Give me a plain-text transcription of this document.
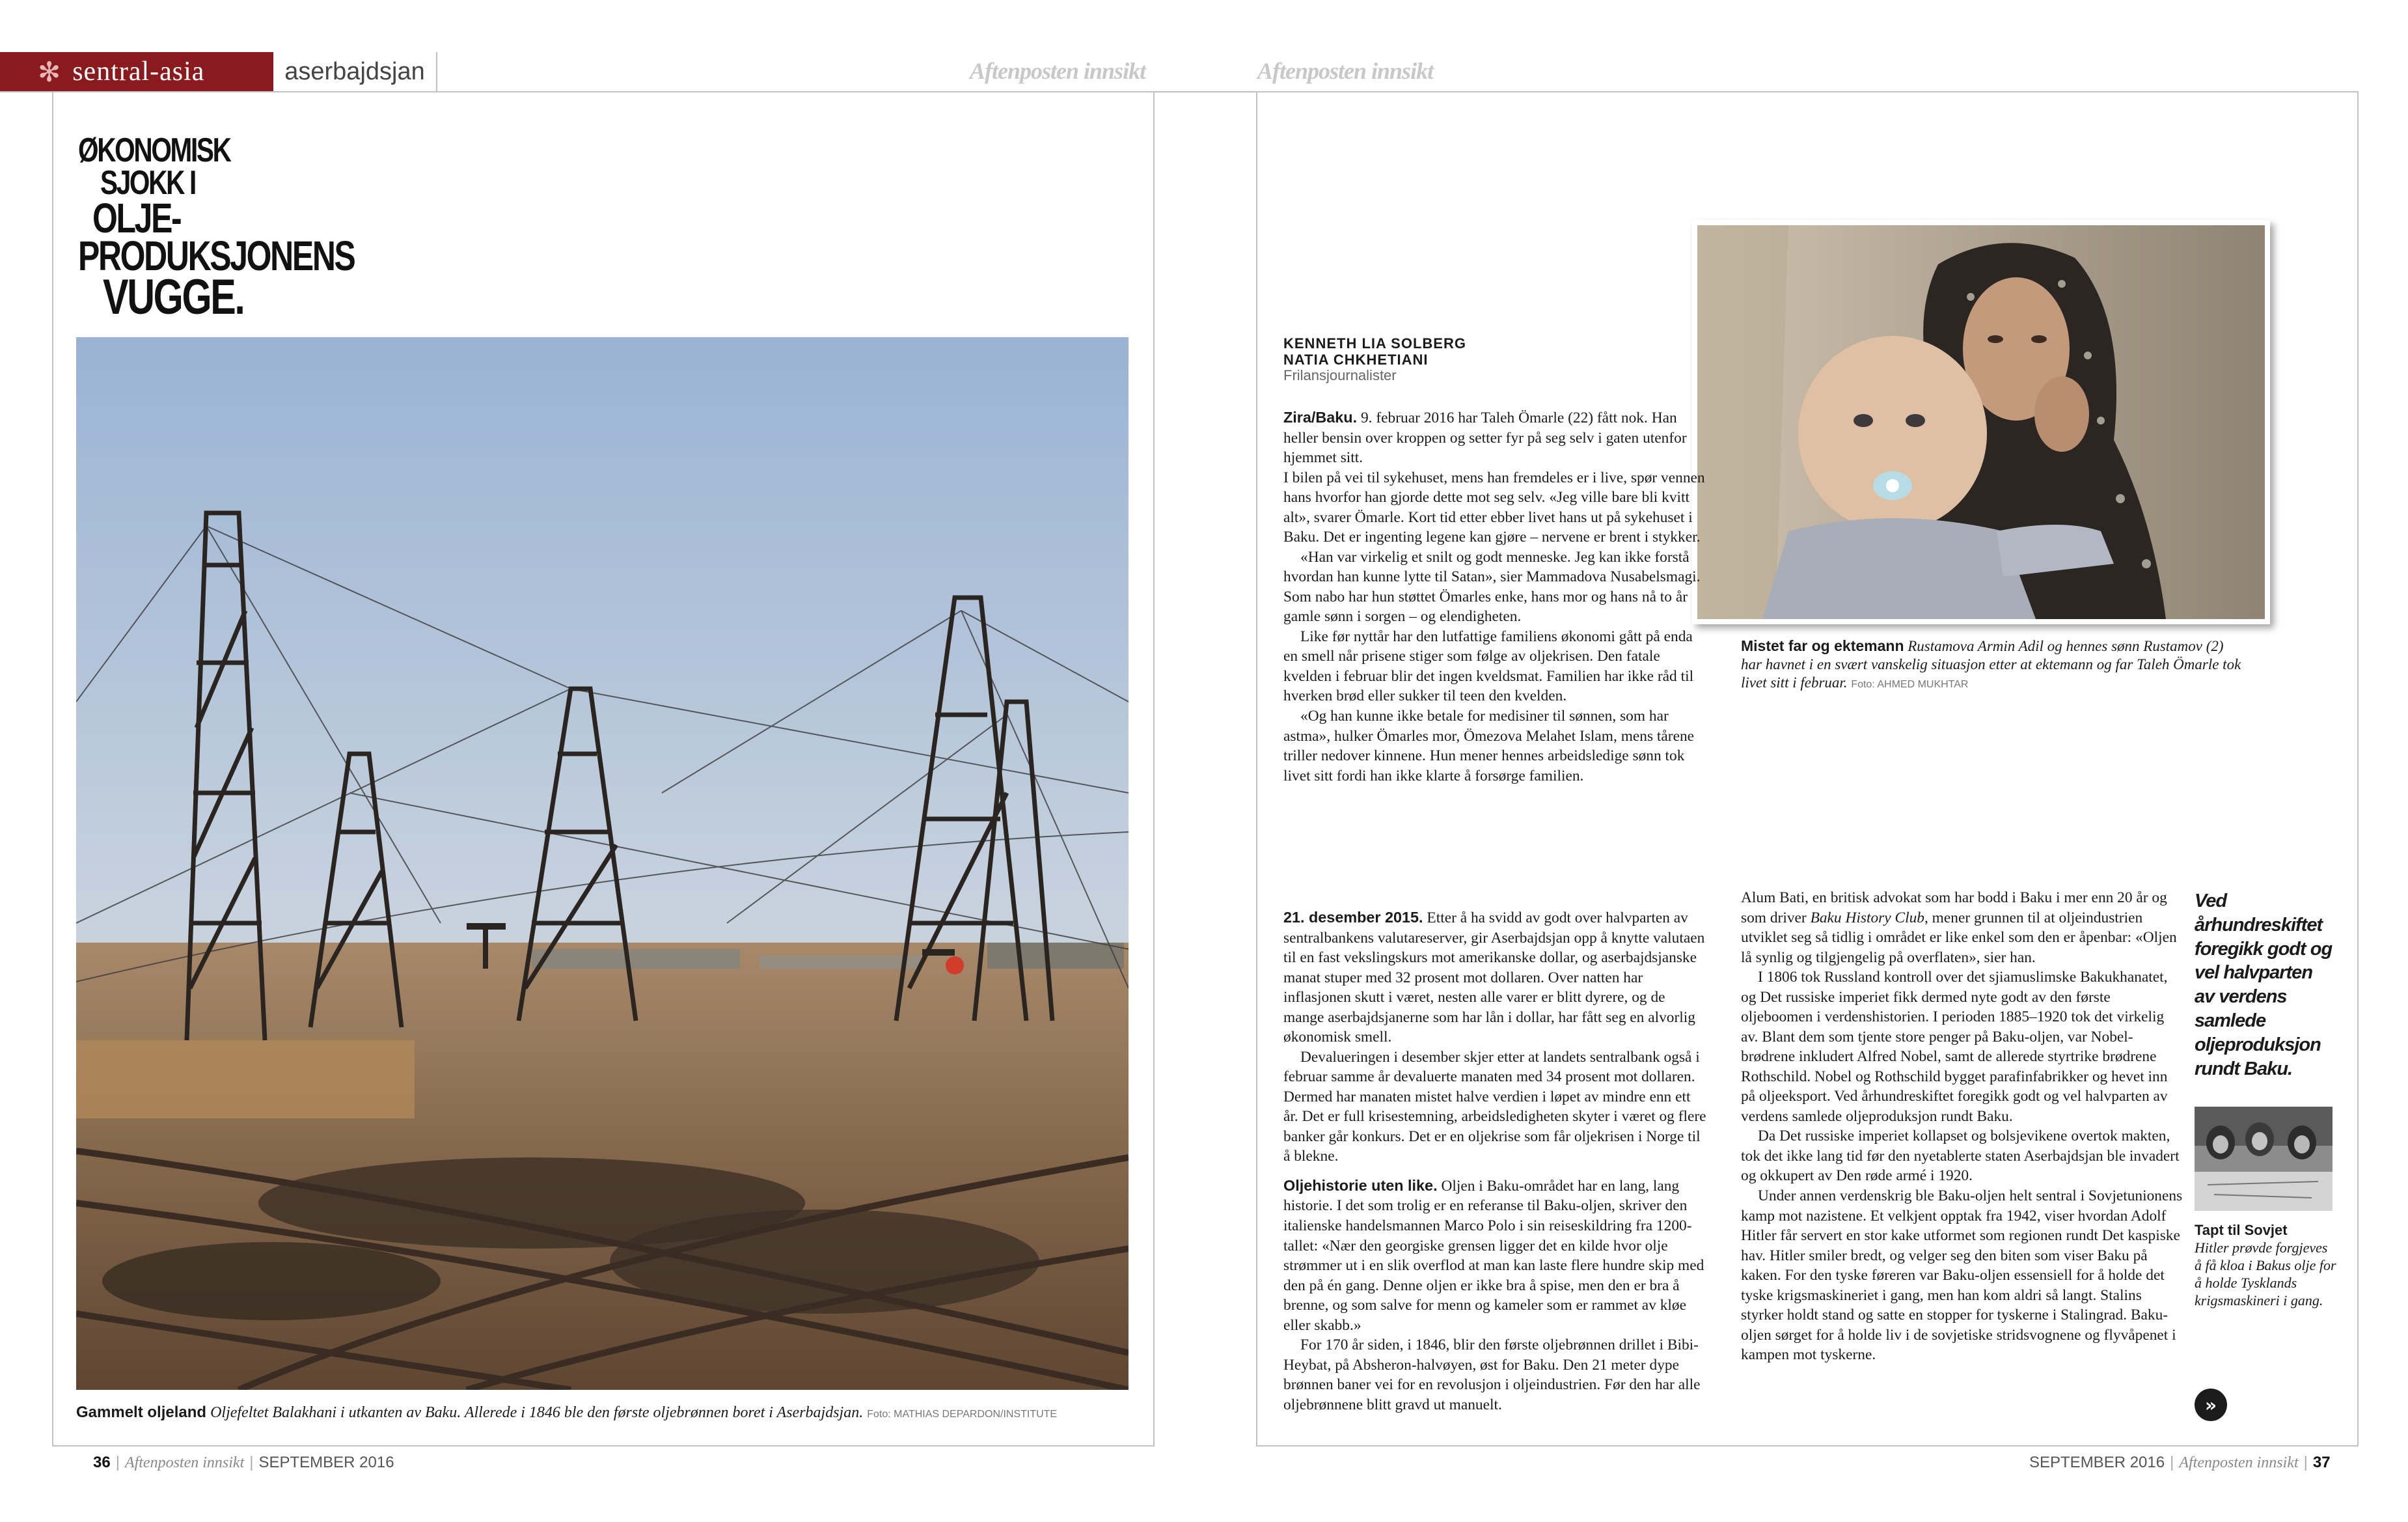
✻ sentral-asia	aserbajdsjan	Aftenposten innsikt	Aftenposten innsikt
ØKONOMISK
SJOKK I
OLJE-
PRODUKSJONENS
VUGGE.
Gammelt oljeland Oljefeltet Balakhani i utkanten av Baku. Allerede i 1846 ble den første oljebrønnen boret i Aserbajdsjan. Foto: MATHIAS DEPARDON/INSTITUTE
36 | Aftenposten innsikt | SEPTEMBER 2016	SEPTEMBER 2016 | Aftenposten innsikt | 37
KENNETH LIA SOLBERG
NATIA CHKHETIANI
Frilansjournalister
Mistet far og ektemann Rustamova Armin Adil og hennes sønn Rustamov (2) har havnet i en svært vanskelig situasjon etter at ektemann og far Taleh Ömarle tok livet sitt i februar. Foto: AHMED MUKHTAR

Zira/Baku. 9. februar 2016 har Taleh Ömarle (22) fått nok. Han heller bensin over kroppen og setter fyr på seg selv i gaten utenfor hjemmet sitt.

I bilen på vei til sykehuset, mens han fremdeles er i live, spør vennen hans hvorfor han gjorde dette mot seg selv. «Jeg ville bare bli kvitt alt», svarer Ömarle. Kort tid etter ebber livet hans ut på sykehuset i Baku. Det er ingenting legene kan gjøre – nervene er brent i stykker.

«Han var virkelig et snilt og godt menneske. Jeg kan ikke forstå hvordan han kunne lytte til Satan», sier Mammadova Nusabelsmagi. Som nabo har hun støttet Ömarles enke, hans mor og hans nå to år gamle sønn i sorgen – og elendigheten.

Like før nyttår har den lutfattige familiens økonomi gått på enda en smell når prisene stiger som følge av oljekrisen. Den fatale kvelden i februar blir det ingen kveldsmat. Familien har ikke råd til hverken brød eller sukker til teen den kvelden.

«Og han kunne ikke betale for medisiner til sønnen, som har astma», hulker Ömarles mor, Ömezova Melahet Islam, mens tårene triller nedover kinnene. Hun mener hennes arbeidsledige sønn tok livet sitt fordi han ikke klarte å forsørge familien.

21. desember 2015. Etter å ha svidd av godt over halvparten av sentralbankens valutareserver, gir Aserbajdsjan opp å knytte valutaen til en fast vekslingskurs mot amerikanske dollar, og aserbajdsjanske manat stuper med 32 prosent mot dollaren. Over natten har inflasjonen skutt i været, nesten alle varer er blitt dyrere, og de mange aserbajdsjanerne som har lån i dollar, har fått seg en alvorlig økonomisk smell.

Devalueringen i desember skjer etter at landets sentralbank også i februar samme år devaluerte manaten med 34 prosent mot dollaren. Dermed har manaten mistet halve verdien i løpet av mindre enn ett år. Det er full krisestemning, arbeidsledigheten skyter i været og flere banker går konkurs. Det er en oljekrise som får oljekrisen i Norge til å blekne.

Oljehistorie uten like. Oljen i Baku-området har en lang, lang historie. I det som trolig er en referanse til Baku-oljen, skriver den italienske handelsmannen Marco Polo i sin reiseskildring fra 1200-tallet: «Nær den georgiske grensen ligger det en kilde hvor olje strømmer ut i en slik overflod at man kan laste flere hundre skip med den på én gang. Denne oljen er ikke bra å spise, men den er bra å brenne, og som salve for menn og kameler som er rammet av kløe eller skabb.»

For 170 år siden, i 1846, blir den første oljebrønnen drillet i Bibi-Heybat, på Absheron-halvøyen, øst for Baku. Den 21 meter dype brønnen baner vei for en revolusjon i oljeindustrien. Før den har alle oljebrønnene blitt gravd ut manuelt.

Alum Bati, en britisk advokat som har bodd i Baku i mer enn 20 år og som driver Baku History Club, mener grunnen til at oljeindustrien utviklet seg så tidlig i området er like enkel som den er åpenbar: «Oljen lå synlig og tilgjengelig på overflaten», sier han.

I 1806 tok Russland kontroll over det sjiamuslimske Bakukhanatet, og Det russiske imperiet fikk dermed nyte godt av den første oljeboomen i verdenshistorien. I perioden 1885–1920 tok det virkelig av. Blant dem som tjente store penger på Baku-oljen, var Nobel-brødrene inkludert Alfred Nobel, samt de allerede styrtrike brødrene Rothschild. Nobel og Rothschild bygget parafinfabrikker og hevet inn på oljeeksport. Ved århundreskiftet foregikk godt og vel halvparten av verdens samlede oljeproduksjon rundt Baku.

Da Det russiske imperiet kollapset og bolsjevikene overtok makten, tok det ikke lang tid før den nyetablerte staten Aserbajdsjan ble invadert og okkupert av Den røde armé i 1920.

Under annen verdenskrig ble Baku-oljen helt sentral i Sovjetunionens kamp mot nazistene. Et velkjent opptak fra 1942, viser hvordan Adolf Hitler får servert en stor kake utformet som regionen rundt Det kaspiske hav. Hitler smiler bredt, og velger seg den biten som viser Baku på kaken. For den tyske føreren var Baku-oljen essensiell for å holde det tyske krigsmaskineriet i gang, men han kom aldri så langt. Stalins styrker holdt stand og satte en stopper for tyskerne i Stalingrad. Baku-oljen sørget for å holde liv i de sovjetiske stridsvognene og flyvåpenet i kampen mot tyskerne.

Ved århundreskiftet foregikk godt og vel halvparten av verdens samlede oljeproduksjon rundt Baku.
Tapt til Sovjet
Hitler prøvde forgjeves å få kloa i Bakus olje for å holde Tysklands krigsmaskineri i gang.
»
